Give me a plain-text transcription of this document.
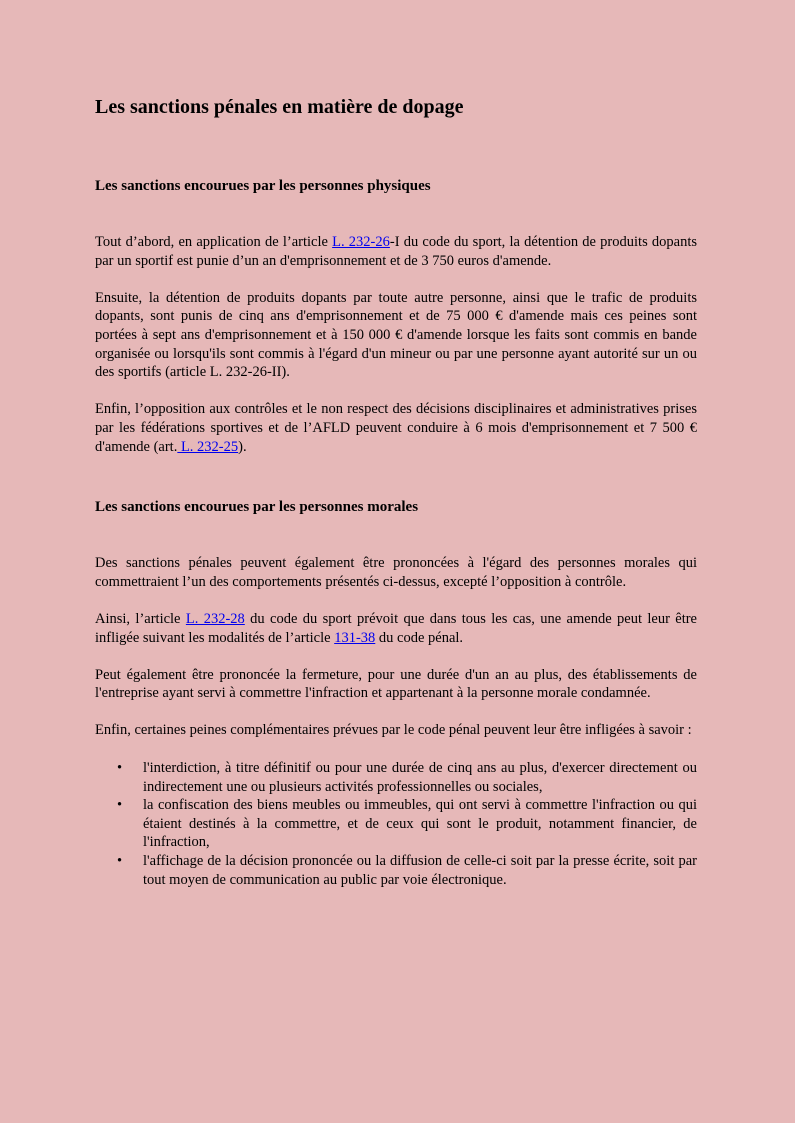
Les sanctions pénales en matière de dopage
Les sanctions encourues par les personnes physiques

Tout d’abord, en application de l’article L. 232-26-I du code du sport, la détention de produits dopants par un sportif est punie d’un an d'emprisonnement et de 3 750 euros d'amende.

Ensuite, la détention de produits dopants par toute autre personne, ainsi que le trafic de produits dopants, sont punis de cinq ans d'emprisonnement et de 75 000 € d'amende mais ces peines sont portées à sept ans d'emprisonnement et à 150 000 € d'amende lorsque les faits sont commis en bande organisée ou lorsqu'ils sont commis à l'égard d'un mineur ou par une personne ayant autorité sur un ou des sportifs (article L. 232-26-II).

Enfin, l’opposition aux contrôles et le non respect des décisions disciplinaires et administratives prises par les fédérations sportives et de l’AFLD peuvent conduire à 6 mois d'emprisonnement et 7 500 € d'amende (art. L. 232-25).

Les sanctions encourues par les personnes morales

Des sanctions pénales peuvent également être prononcées à l'égard des personnes morales qui commettraient l’un des comportements présentés ci-dessus, excepté l’opposition à contrôle.

Ainsi, l’article L. 232-28 du code du sport prévoit que dans tous les cas, une amende peut leur être infligée suivant les modalités de l’article 131-38 du code pénal.

Peut également être prononcée la fermeture, pour une durée d'un an au plus, des établissements de l'entreprise ayant servi à commettre l'infraction et appartenant à la personne morale condamnée.

Enfin, certaines peines complémentaires prévues par le code pénal peuvent leur être infligées à savoir :

• l'interdiction, à titre définitif ou pour une durée de cinq ans au plus, d'exercer directement ou indirectement une ou plusieurs activités professionnelles ou sociales,
• la confiscation des biens meubles ou immeubles, qui ont servi à commettre l'infraction ou qui étaient destinés à la commettre, et de ceux qui sont le produit, notamment financier, de l'infraction,
• l'affichage de la décision prononcée ou la diffusion de celle-ci soit par la presse écrite, soit par tout moyen de communication au public par voie électronique.
